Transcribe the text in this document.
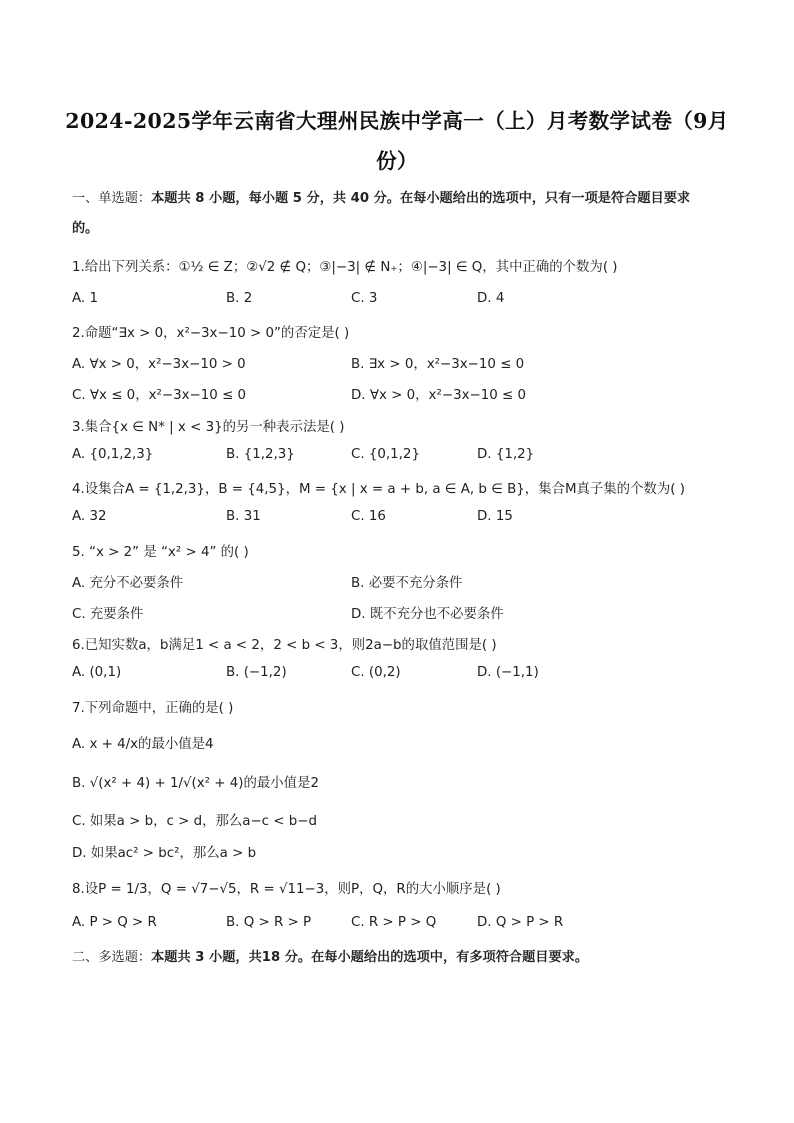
2024-2025学年云南省大理州民族中学高一（上）月考数学试卷（9月
份）
一、单选题：本题共 8 小题，每小题 5 分，共 40 分。在每小题给出的选项中，只有一项是符合题目要求
的。
1.给出下列关系：①½ ∈ Z；②√2 ∉ Q；③|−3| ∉ N₊；④|−3| ∈ Q，其中正确的个数为( )
A. 1	B. 2	C. 3	D. 4
2.命题“∃x > 0，x²−3x−10 > 0”的否定是( )
A. ∀x > 0，x²−3x−10 > 0	B. ∃x > 0，x²−3x−10 ≤ 0
C. ∀x ≤ 0，x²−3x−10 ≤ 0	D. ∀x > 0，x²−3x−10 ≤ 0
3.集合{x ∈ N* | x < 3}的另一种表示法是( )
A. {0,1,2,3}	B. {1,2,3}	C. {0,1,2}	D. {1,2}
4.设集合A = {1,2,3}，B = {4,5}，M = {x | x = a + b, a ∈ A, b ∈ B}，集合M真子集的个数为( )
A. 32	B. 31	C. 16	D. 15
5. “x > 2” 是 “x² > 4” 的( )
A. 充分不必要条件	B. 必要不充分条件
C. 充要条件	D. 既不充分也不必要条件
6.已知实数a，b满足1 < a < 2，2 < b < 3，则2a−b的取值范围是( )
A. (0,1)	B. (−1,2)	C. (0,2)	D. (−1,1)
7.下列命题中，正确的是( )
A. x + 4/x的最小值是4
B. √(x² + 4) + 1/√(x² + 4)的最小值是2
C. 如果a > b，c > d，那么a−c < b−d
D. 如果ac² > bc²，那么a > b
8.设P = 1/3，Q = √7−√5，R = √11−3，则P，Q，R的大小顺序是( )
A. P > Q > R	B. Q > R > P	C. R > P > Q	D. Q > P > R
二、多选题：本题共 3 小题，共18 分。在每小题给出的选项中，有多项符合题目要求。
